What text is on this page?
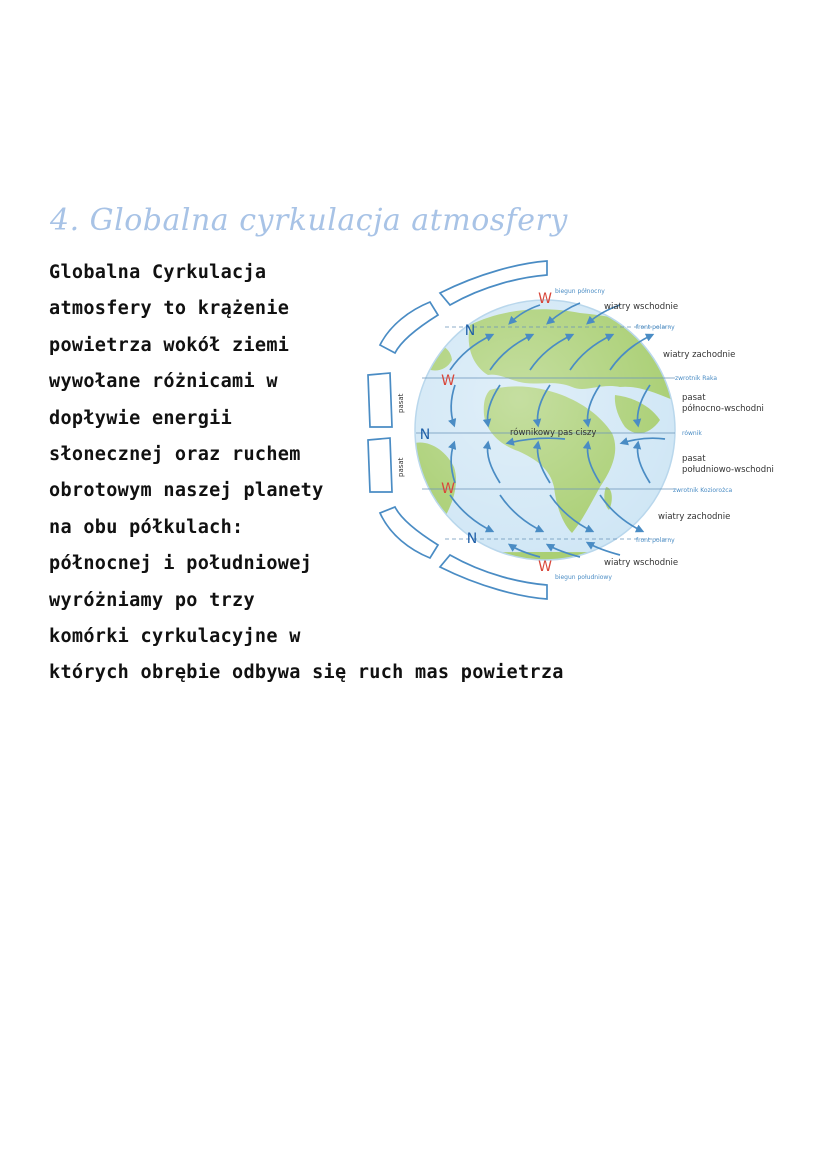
4. Globalna cyrkulacja atmosfery
Globalna Cyrkulacja
atmosfery to krążenie
powietrza wokół ziemi
wywołane różnicami w
dopływie energii
słonecznej oraz ruchem
obrotowym naszej planety
na obu półkulach:
północnej i południowej
wyróżniamy po trzy
komórki cyrkulacyjne w
których obrębie odbywa się ruch mas powietrza
W
N
W
N
W
N
W
biegun północny
wiatry wschodnie
front polarny
wiatry zachodnie
zwrotnik Raka
pasat
północno-wschodni
równik
równikowy pas ciszy
pasat
południowo-wschodni
zwrotnik Koziorożca
wiatry zachodnie
front polarny
wiatry wschodnie
biegun południowy
pasat
pasat
